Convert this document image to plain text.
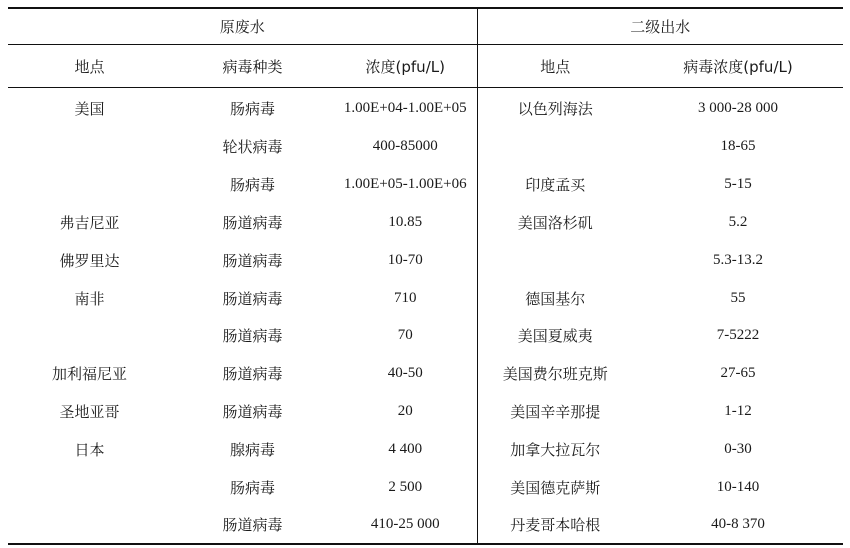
原废水			二级出水	
地点	病毒种类	浓度(pfu/L)	地点	病毒浓度(pfu/L)
美国	肠病毒	1.00E+04-1.00E+05	以色列海法	3 000-28 000
	轮状病毒	400-85000		18-65
	肠病毒	1.00E+05-1.00E+06	印度孟买	5-15
弗吉尼亚	肠道病毒	10.85	美国洛杉矶	5.2
佛罗里达	肠道病毒	10-70		5.3-13.2
南非	肠道病毒	710	德国基尔	55
	肠道病毒	70	美国夏威夷	7-5222
加利福尼亚	肠道病毒	40-50	美国费尔班克斯	27-65
圣地亚哥	肠道病毒	20	美国辛辛那提	1-12
日本	腺病毒	4 400	加拿大拉瓦尔	0-30
	肠病毒	2 500	美国德克萨斯	10-140
	肠道病毒	410-25 000	丹麦哥本哈根	40-8 370
